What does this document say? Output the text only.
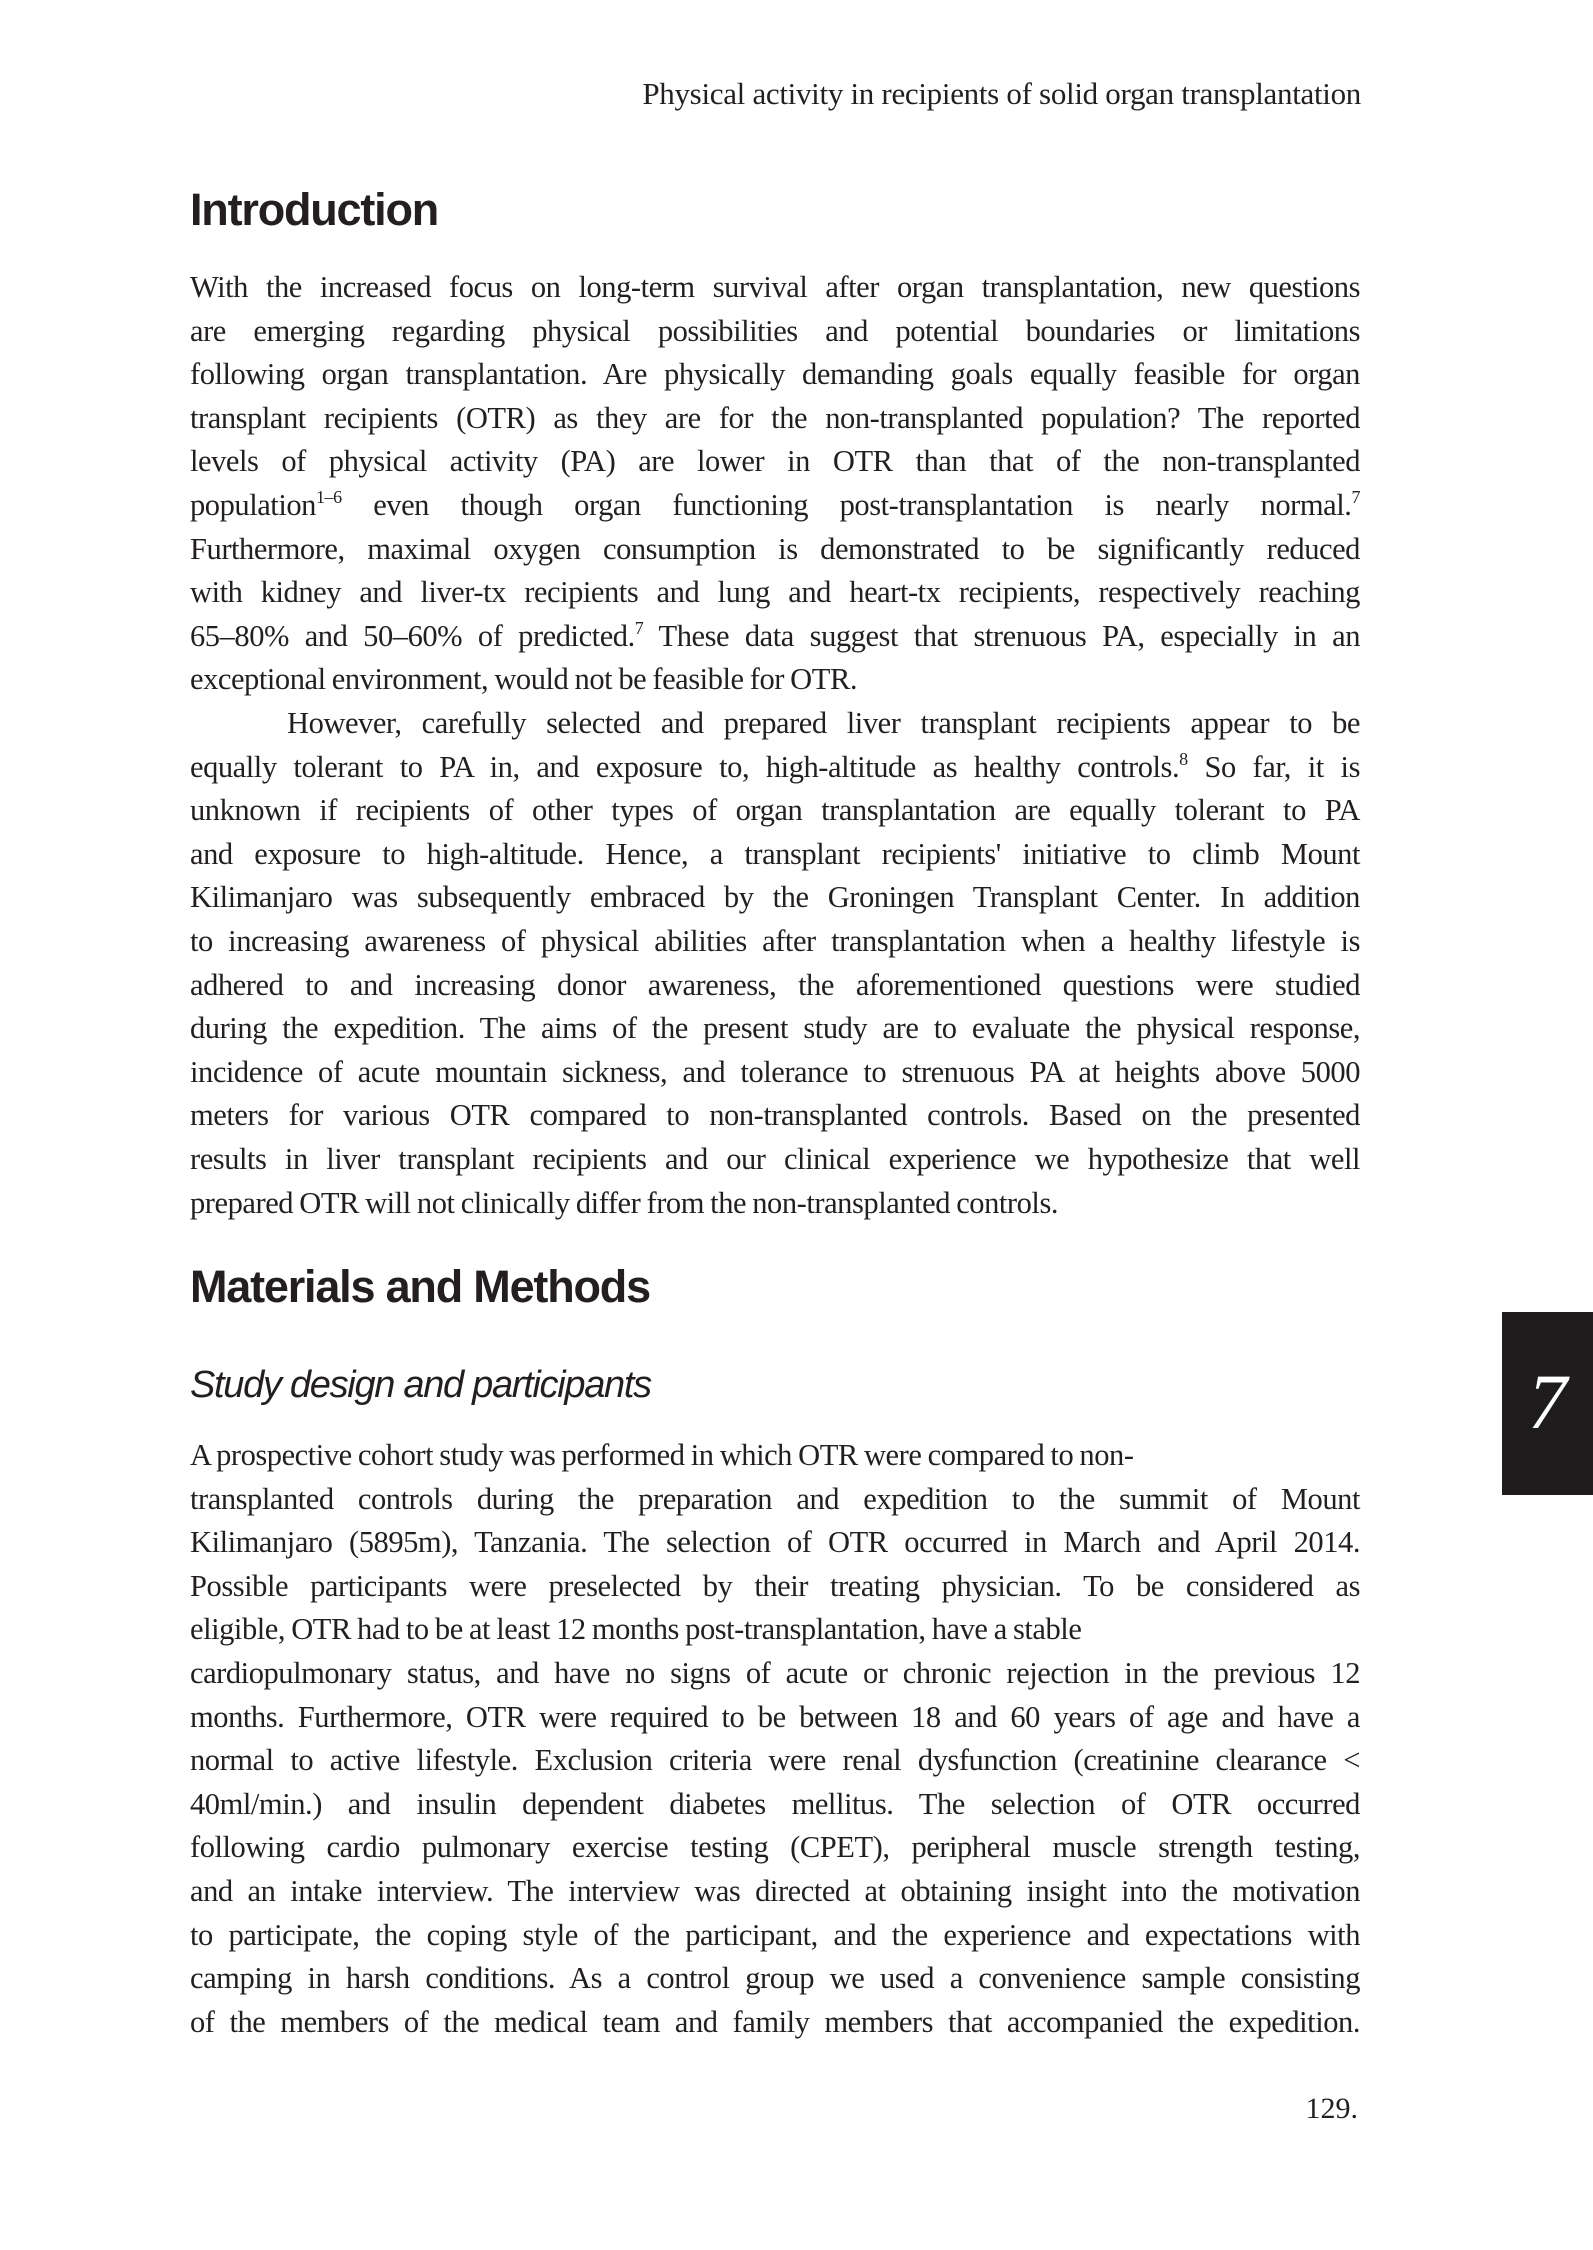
Physical activity in recipients of solid organ transplantation
Introduction
With the increased focus on long-term survival after organ transplantation, new questions
are emerging regarding physical possibilities and potential boundaries or limitations
following organ transplantation. Are physically demanding goals equally feasible for organ
transplant recipients (OTR) as they are for the non-transplanted population? The reported
levels of physical activity (PA) are lower in OTR than that of the non-transplanted
population$^{1-6}$ even though organ functioning post-transplantation is nearly normal.$^7$
Furthermore, maximal oxygen consumption is demonstrated to be significantly reduced
with kidney and liver-tx recipients and lung and heart-tx recipients, respectively reaching
65–80% and 50–60% of predicted.$^7$ These data suggest that strenuous PA, especially in an
exceptional environment, would not be feasible for OTR.
However, carefully selected and prepared liver transplant recipients appear to be
equally tolerant to PA in, and exposure to, high-altitude as healthy controls.$^8$ So far, it is
unknown if recipients of other types of organ transplantation are equally tolerant to PA
and exposure to high-altitude. Hence, a transplant recipients' initiative to climb Mount
Kilimanjaro was subsequently embraced by the Groningen Transplant Center. In addition
to increasing awareness of physical abilities after transplantation when a healthy lifestyle is
adhered to and increasing donor awareness, the aforementioned questions were studied
during the expedition. The aims of the present study are to evaluate the physical response,
incidence of acute mountain sickness, and tolerance to strenuous PA at heights above 5000
meters for various OTR compared to non-transplanted controls. Based on the presented
results in liver transplant recipients and our clinical experience we hypothesize that well
prepared OTR will not clinically differ from the non-transplanted controls.
Materials and Methods
Study design and participants
A prospective cohort study was performed in which OTR were compared to non-
transplanted controls during the preparation and expedition to the summit of Mount
Kilimanjaro (5895m), Tanzania. The selection of OTR occurred in March and April 2014.
Possible participants were preselected by their treating physician. To be considered as
eligible, OTR had to be at least 12 months post-transplantation, have a stable
cardiopulmonary status, and have no signs of acute or chronic rejection in the previous 12
months. Furthermore, OTR were required to be between 18 and 60 years of age and have a
normal to active lifestyle. Exclusion criteria were renal dysfunction (creatinine clearance <
40ml/min.) and insulin dependent diabetes mellitus. The selection of OTR occurred
following cardio pulmonary exercise testing (CPET), peripheral muscle strength testing,
and an intake interview. The interview was directed at obtaining insight into the motivation
to participate, the coping style of the participant, and the experience and expectations with
camping in harsh conditions. As a control group we used a convenience sample consisting
of the members of the medical team and family members that accompanied the expedition.
7
129.
